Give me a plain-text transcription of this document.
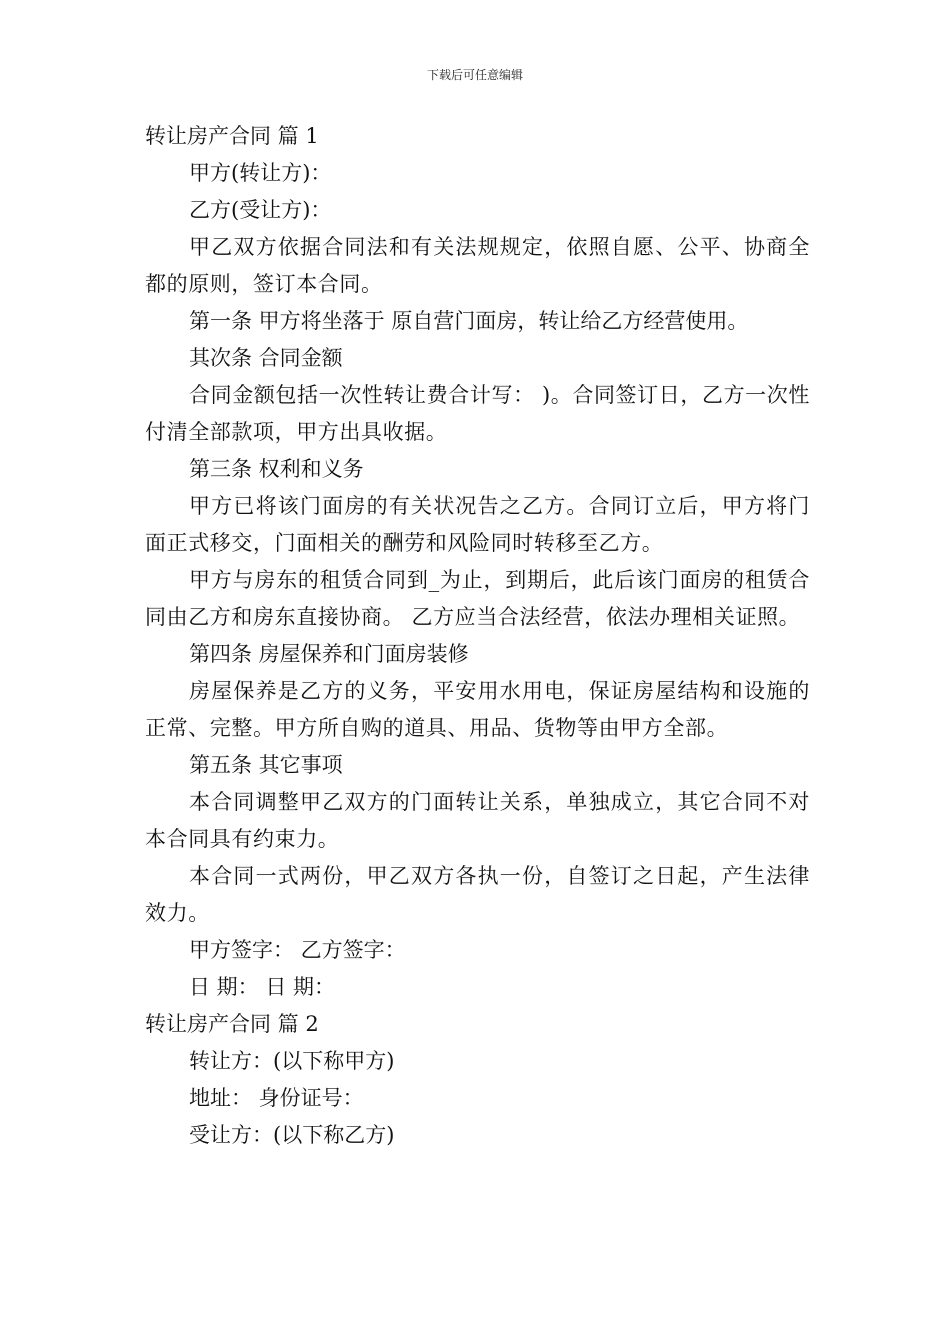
下载后可任意编辑

转让房产合同 篇 1

甲方(转让方)：

乙方(受让方)：

甲乙双方依据合同法和有关法规规定，依照自愿、公平、协商全都的原则，签订本合同。

第一条 甲方将坐落于 原自营门面房，转让给乙方经营使用。

其次条 合同金额

合同金额包括一次性转让费合计写： )。合同签订日，乙方一次性付清全部款项，甲方出具收据。

第三条 权利和义务

甲方已将该门面房的有关状况告之乙方。合同订立后，甲方将门面正式移交，门面相关的酬劳和风险同时转移至乙方。

甲方与房东的租赁合同到_为止，到期后，此后该门面房的租赁合同由乙方和房东直接协商。 乙方应当合法经营，依法办理相关证照。

第四条 房屋保养和门面房装修

房屋保养是乙方的义务，平安用水用电，保证房屋结构和设施的正常、完整。甲方所自购的道具、用品、货物等由甲方全部。

第五条 其它事项

本合同调整甲乙双方的门面转让关系，单独成立，其它合同不对本合同具有约束力。

本合同一式两份，甲乙双方各执一份，自签订之日起，产生法律效力。

甲方签字： 乙方签字：

日 期： 日 期：

转让房产合同 篇 2

转让方：(以下称甲方)

地址： 身份证号：

受让方：(以下称乙方)
